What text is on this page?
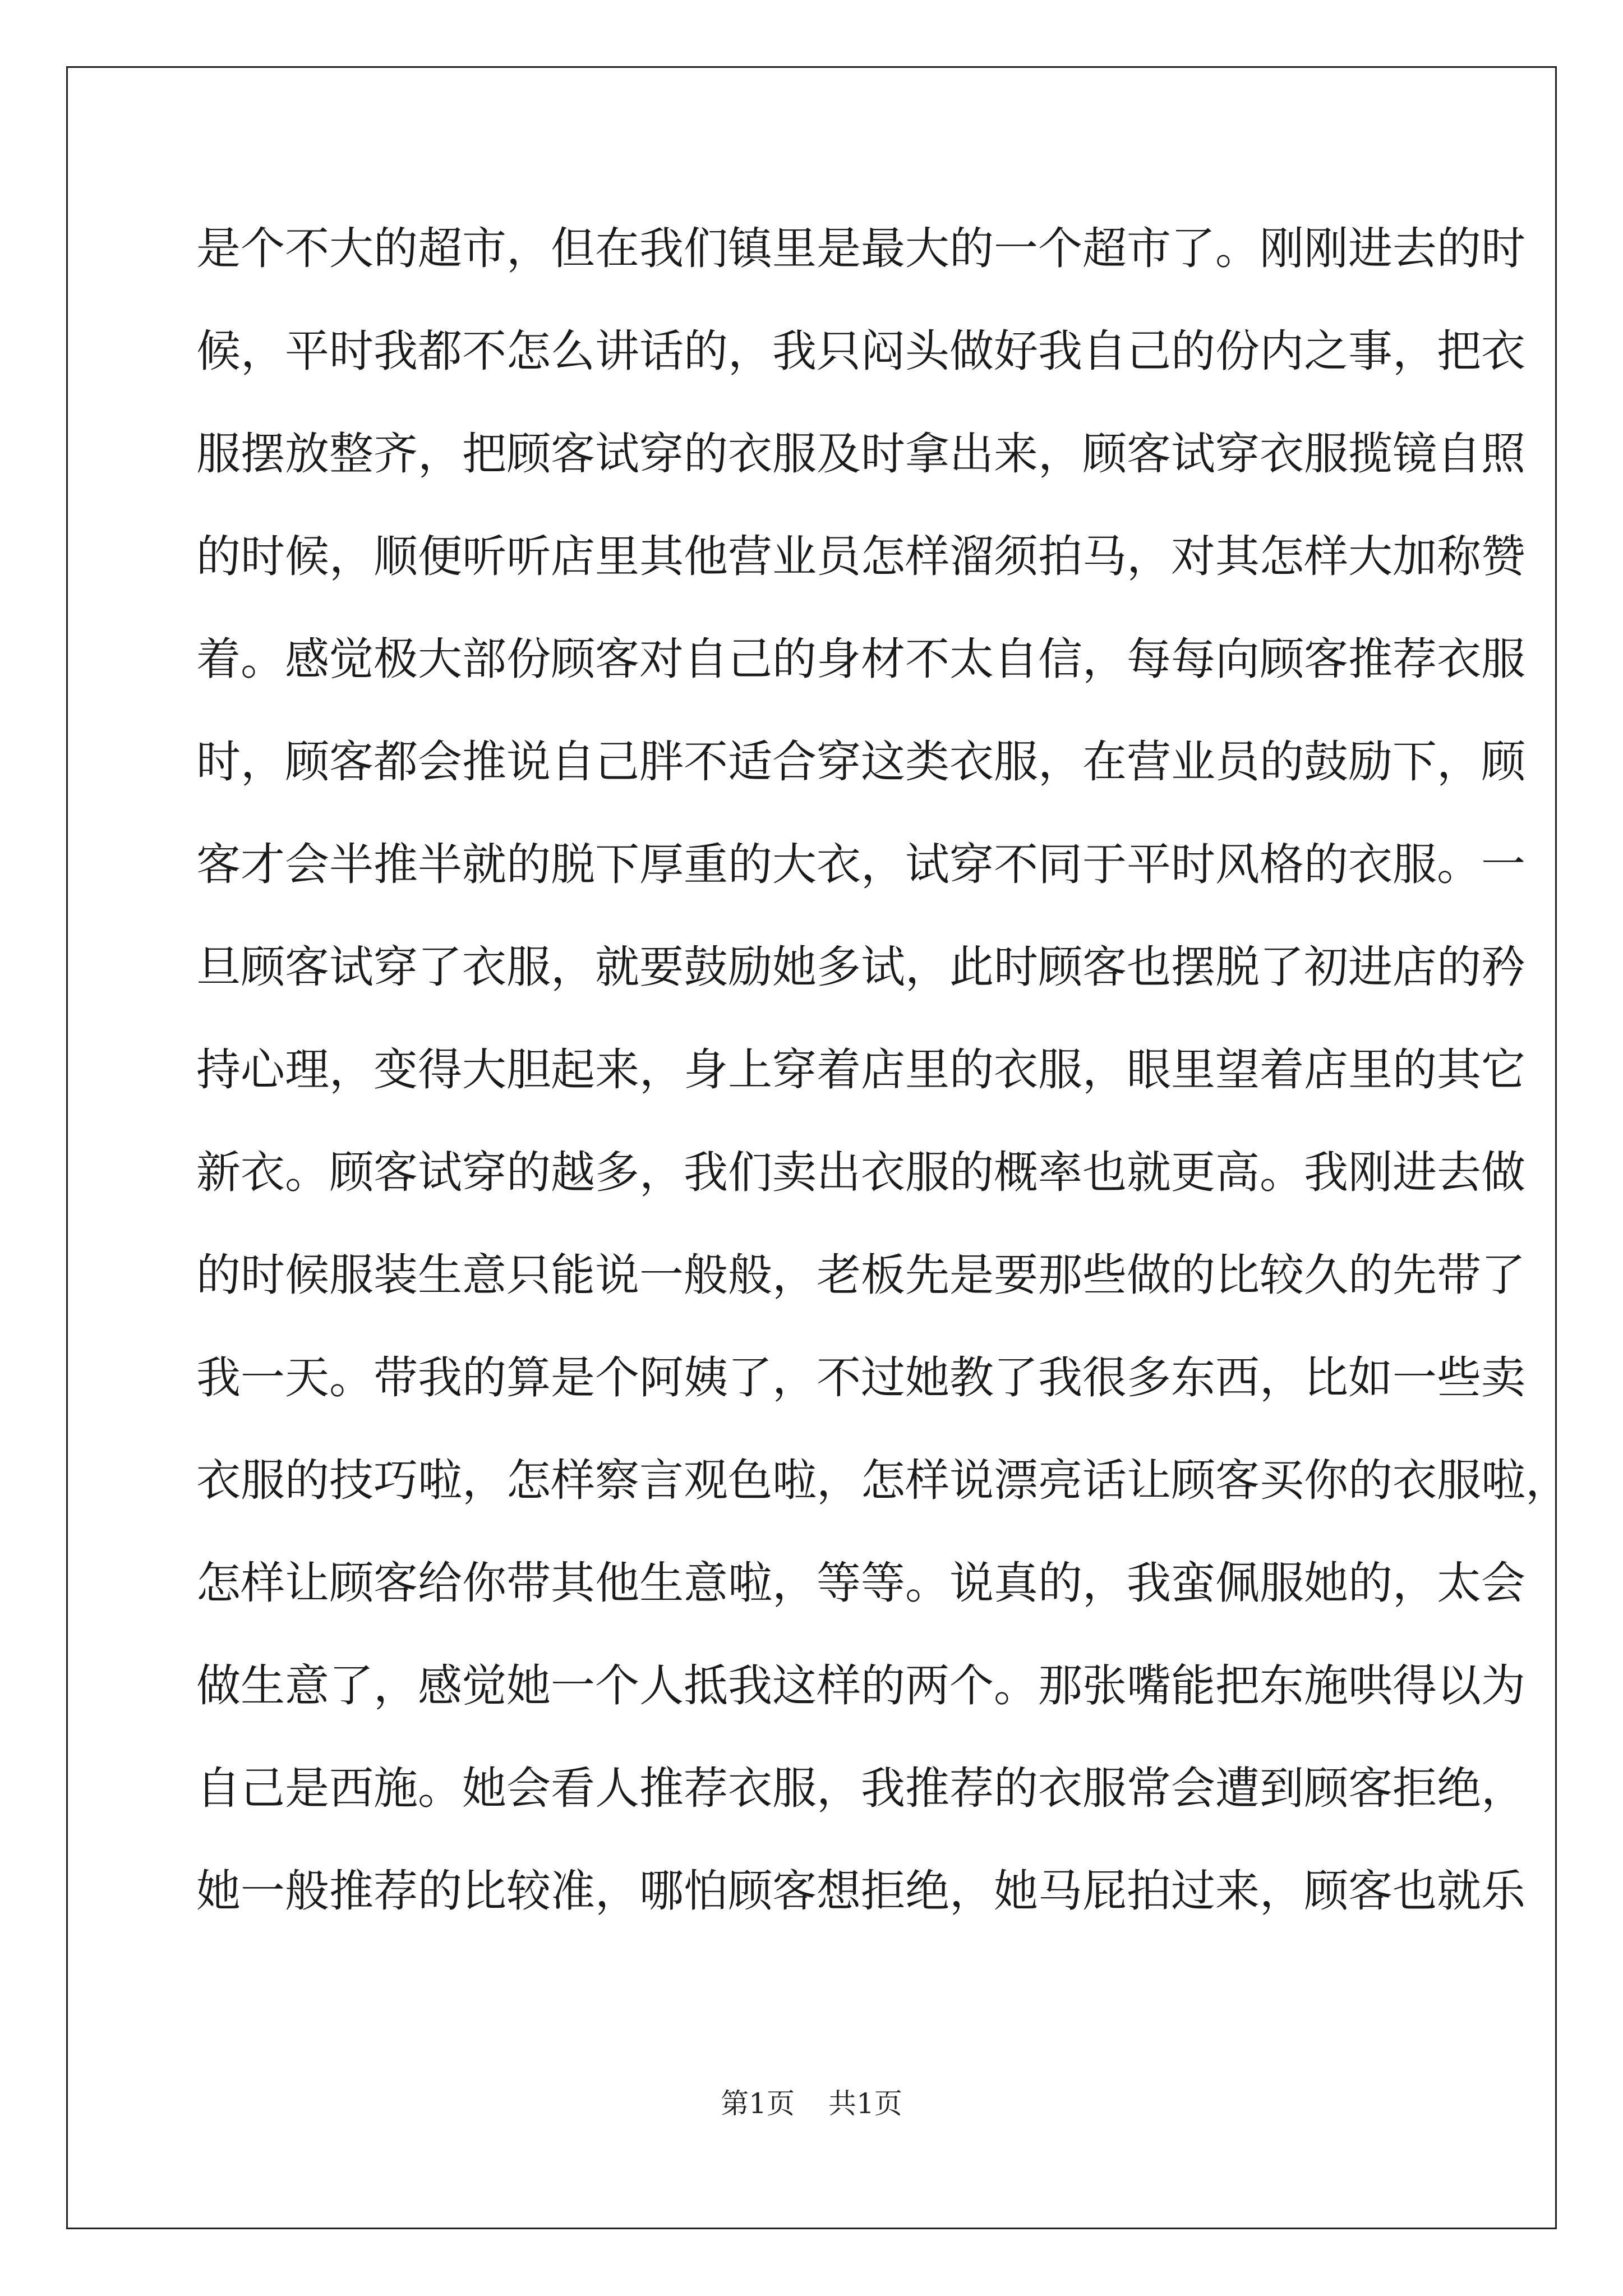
是个不大的超市，但在我们镇里是最大的一个超市了。刚刚进去的时
候，平时我都不怎么讲话的，我只闷头做好我自己的份内之事，把衣
服摆放整齐，把顾客试穿的衣服及时拿出来，顾客试穿衣服揽镜自照
的时候，顺便听听店里其他营业员怎样溜须拍马，对其怎样大加称赞
着。感觉极大部份顾客对自己的身材不太自信，每每向顾客推荐衣服
时，顾客都会推说自己胖不适合穿这类衣服，在营业员的鼓励下，顾
客才会半推半就的脱下厚重的大衣，试穿不同于平时风格的衣服。一
旦顾客试穿了衣服，就要鼓励她多试，此时顾客也摆脱了初进店的矜
持心理，变得大胆起来，身上穿着店里的衣服，眼里望着店里的其它
新衣。顾客试穿的越多，我们卖出衣服的概率也就更高。我刚进去做
的时候服装生意只能说一般般，老板先是要那些做的比较久的先带了
我一天。带我的算是个阿姨了，不过她教了我很多东西，比如一些卖
衣服的技巧啦，怎样察言观色啦，怎样说漂亮话让顾客买你的衣服啦，
怎样让顾客给你带其他生意啦，等等。说真的，我蛮佩服她的，太会
做生意了，感觉她一个人抵我这样的两个。那张嘴能把东施哄得以为
自己是西施。她会看人推荐衣服，我推荐的衣服常会遭到顾客拒绝，
她一般推荐的比较准，哪怕顾客想拒绝，她马屁拍过来，顾客也就乐
第1页 共1页
